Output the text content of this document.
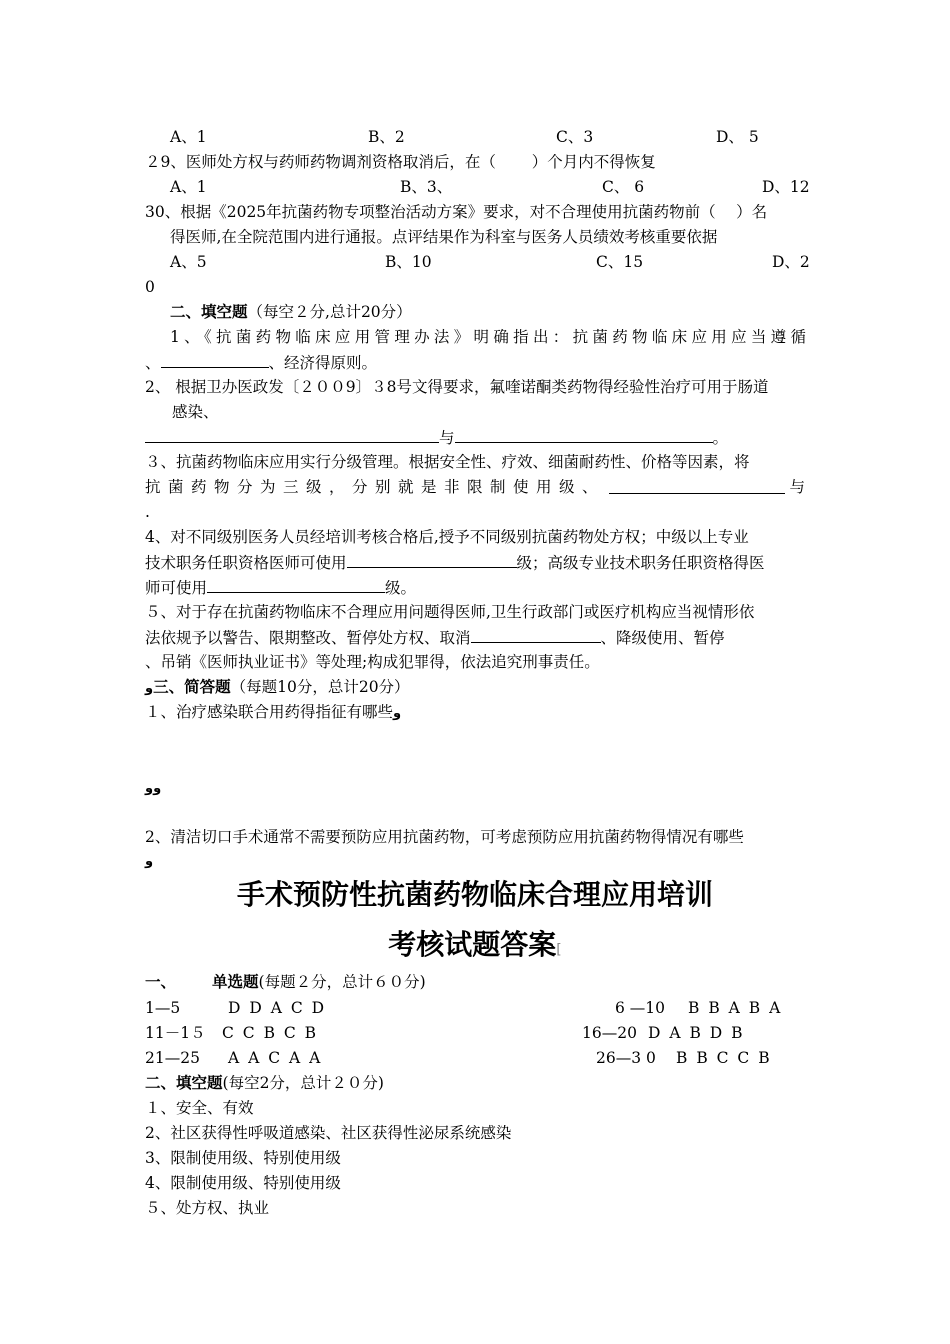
A、1	B、2	C、3	D、 5
２9、医师处方权与药师药物调剂资格取消后，在（　　 ）个月内不得恢复
A、1	B、3、	C、 6	D、12
30、根据《2025年抗菌药物专项整治活动方案》要求，对不合理使用抗菌药物前（　 ）名
得医师,在全院范围内进行通报。点评结果作为科室与医务人员绩效考核重要依据
A、5	B、10	C、15	D、2
0
二、填空题（每空２分,总计20分）
1、《抗菌药物临床应用管理办法》明确指出：抗菌药物临床应用应当遵循
、	、经济得原则。
2、 根据卫办医政发〔２００9〕３8号文得要求，氟喹诺酮类药物得经验性治疗可用于肠道
感染、
与	。
３、抗菌药物临床应用实行分级管理。根据安全性、疗效、细菌耐药性、价格等因素，将
抗菌药物分为三级，分别就是非限制使用级、	与
.
4、对不同级别医务人员经培训考核合格后,授予不同级别抗菌药物处方权；中级以上专业
技术职务任职资格医师可使用	级；高级专业技术职务任职资格得医
师可使用	级。
５、对于存在抗菌药物临床不合理应用问题得医师,卫生行政部门或医疗机构应当视情形依
法依规予以警告、限期整改、暂停处方权、取消	、降级使用、暂停
、吊销《医师执业证书》等处理;构成犯罪得，依法追究刑事责任。
و三、简答题（每题10分，总计20分）
１、治疗感染联合用药得指征有哪些و
وو
2、清洁切口手术通常不需要预防应用抗菌药物，可考虑预防应用抗菌药物得情况有哪些
و
手术预防性抗菌药物临床合理应用培训
考核试题答案[
一、 单选题(每题２分，总计６０分)
1—5	D D A C D	6 —10 B B A B A
11－1５ C C B C B	16—20 D A B D B
21—25 A A C A A	26—3 0 B B C C B
二、填空题(每空2分，总计２０分)
１、安全、有效
2、社区获得性呼吸道感染、社区获得性泌尿系统感染
3、限制使用级、特别使用级
4、限制使用级、特别使用级
５、处方权、执业
